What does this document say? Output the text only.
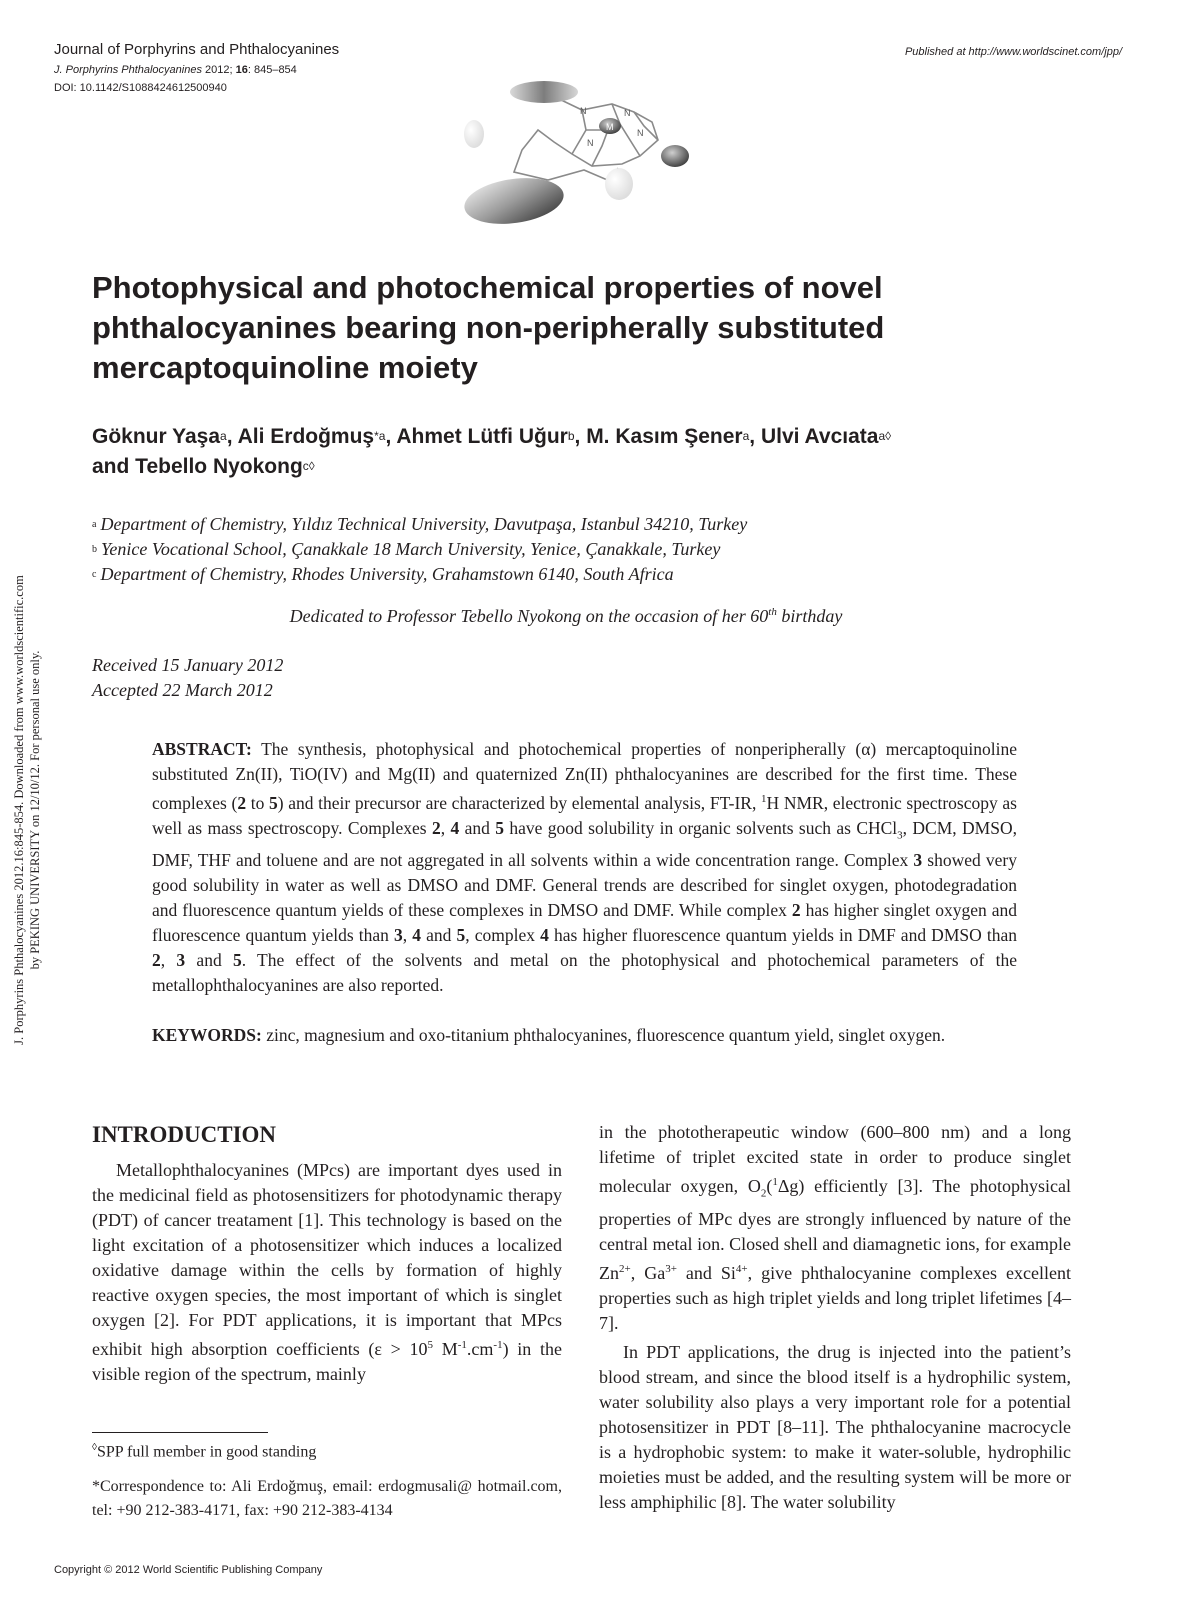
Journal of Porphyrins and Phthalocyanines
J. Porphyrins Phthalocyanines 2012; 16: 845–854
DOI: 10.1142/S1088424612500940
Published at http://www.worldscinet.com/jpp/
M
N	N
N
N
J. Porphyrins Phthalocyanines 2012.16:845-854. Downloaded from www.worldscientific.com by PEKING UNIVERSITY on 12/10/12. For personal use only.
Photophysical and photochemical properties of novel phthalocyanines bearing non-peripherally substituted mercaptoquinoline moiety
Göknur Yaşa$^a$, Ali Erdoğmuş$^{*a}$, Ahmet Lütfi Uğur$^b$, M. Kasım Şener$^a$, Ulvi Avcıata$^{a◊}$
and Tebello Nyokong$^{c◊}$
$^a$ Department of Chemistry, Yıldız Technical University, Davutpaşa, Istanbul 34210, Turkey
$^b$ Yenice Vocational School, Çanakkale 18 March University, Yenice, Çanakkale, Turkey
$^c$ Department of Chemistry, Rhodes University, Grahamstown 6140, South Africa
Dedicated to Professor Tebello Nyokong on the occasion of her 60th birthday
Received 15 January 2012
Accepted 22 March 2012
ABSTRACT: The synthesis, photophysical and photochemical properties of nonperipherally (α) mercaptoquinoline substituted Zn(II), TiO(IV) and Mg(II) and quaternized Zn(II) phthalocyanines are described for the first time. These complexes (2 to 5) and their precursor are characterized by elemental analysis, FT-IR, $^1$H NMR, electronic spectroscopy as well as mass spectroscopy. Complexes 2, 4 and 5 have good solubility in organic solvents such as CHCl$_3$, DCM, DMSO, DMF, THF and toluene and are not aggregated in all solvents within a wide concentration range. Complex 3 showed very good solubility in water as well as DMSO and DMF. General trends are described for singlet oxygen, photodegradation and fluorescence quantum yields of these complexes in DMSO and DMF. While complex 2 has higher singlet oxygen and fluorescence quantum yields than 3, 4 and 5, complex 4 has higher fluorescence quantum yields in DMF and DMSO than 2, 3 and 5. The effect of the solvents and metal on the photophysical and photochemical parameters of the metallophthalocyanines are also reported.
KEYWORDS: zinc, magnesium and oxo-titanium phthalocyanines, fluorescence quantum yield, singlet oxygen.
INTRODUCTION

Metallophthalocyanines (MPcs) are important dyes used in the medicinal field as photosensitizers for photodynamic therapy (PDT) of cancer treatament [1]. This technology is based on the light excitation of a photosensitizer which induces a localized oxidative damage within the cells by formation of highly reactive oxygen species, the most important of which is singlet oxygen [2]. For PDT applications, it is important that MPcs exhibit high absorption coefficients ($\varepsilon > 10^5$ $M^{-1}.cm^{-1}$) in the visible region of the spectrum, mainly

in the phototherapeutic window (600–800 nm) and a long lifetime of triplet excited state in order to produce singlet molecular oxygen, $O_2(^1\Delta g)$ efficiently [3]. The photophysical properties of MPc dyes are strongly influenced by nature of the central metal ion. Closed shell and diamagnetic ions, for example $Zn^{2+}$, $Ga^{3+}$ and $Si^{4+}$, give phthalocyanine complexes excellent properties such as high triplet yields and long triplet lifetimes [4–7].

In PDT applications, the drug is injected into the patient’s blood stream, and since the blood itself is a hydrophilic system, water solubility also plays a very important role for a potential photosensitizer in PDT [8–11]. The phthalocyanine macrocycle is a hydrophobic system: to make it water-soluble, hydrophilic moieties must be added, and the resulting system will be more or less amphiphilic [8]. The water solubility

◊SPP full member in good standing
*Correspondence to: Ali Erdoğmuş, email: erdogmusali@ hotmail.com, tel: +90 212-383-4171, fax: +90 212-383-4134
Copyright © 2012 World Scientific Publishing Company
